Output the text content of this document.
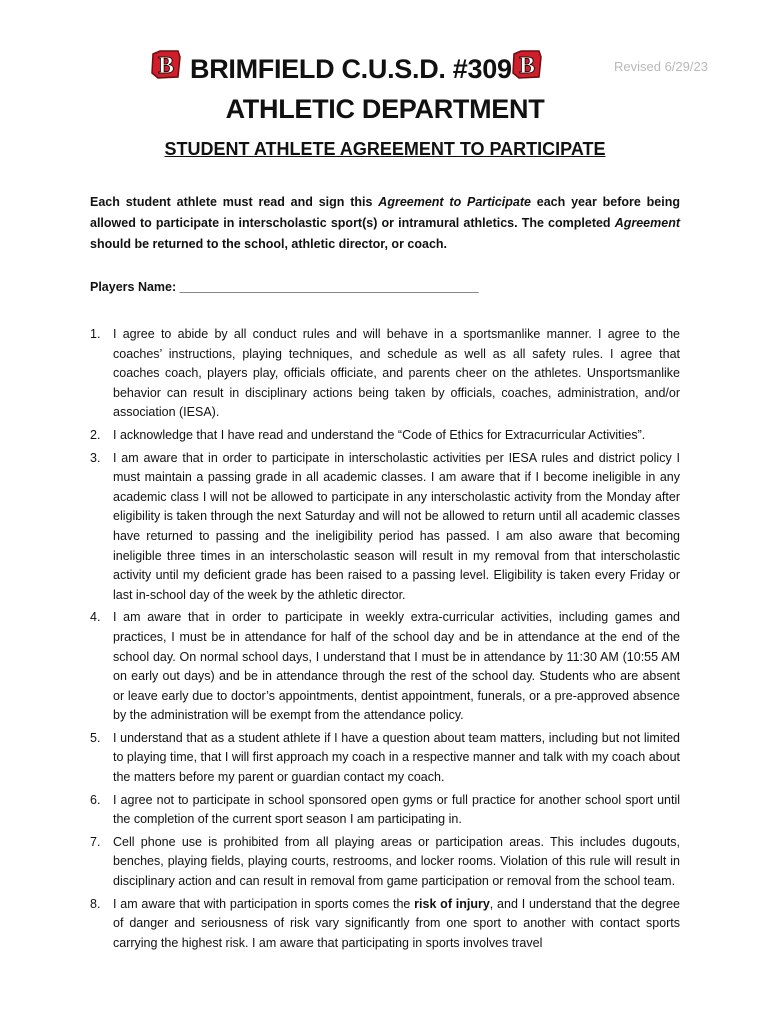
B BRIMFIELD C.U.S.D. #309 B	Revised 6/29/23
ATHLETIC DEPARTMENT
STUDENT ATHLETE AGREEMENT TO PARTICIPATE
Each student athlete must read and sign this Agreement to Participate each year before being allowed to participate in interscholastic sport(s) or intramural athletics. The completed Agreement should be returned to the school, athletic director, or coach.
Players Name: ___________________________________________
1. I agree to abide by all conduct rules and will behave in a sportsmanlike manner. I agree to the coaches’ instructions, playing techniques, and schedule as well as all safety rules. I agree that coaches coach, players play, officials officiate, and parents cheer on the athletes. Unsportsmanlike behavior can result in disciplinary actions being taken by officials, coaches, administration, and/or association (IESA).
2. I acknowledge that I have read and understand the “Code of Ethics for Extracurricular Activities”.
3. I am aware that in order to participate in interscholastic activities per IESA rules and district policy I must maintain a passing grade in all academic classes. I am aware that if I become ineligible in any academic class I will not be allowed to participate in any interscholastic activity from the Monday after eligibility is taken through the next Saturday and will not be allowed to return until all academic classes have returned to passing and the ineligibility period has passed. I am also aware that becoming ineligible three times in an interscholastic season will result in my removal from that interscholastic activity until my deficient grade has been raised to a passing level. Eligibility is taken every Friday or last in-school day of the week by the athletic director.
4. I am aware that in order to participate in weekly extra-curricular activities, including games and practices, I must be in attendance for half of the school day and be in attendance at the end of the school day. On normal school days, I understand that I must be in attendance by 11:30 AM (10:55 AM on early out days) and be in attendance through the rest of the school day. Students who are absent or leave early due to doctor’s appointments, dentist appointment, funerals, or a pre-approved absence by the administration will be exempt from the attendance policy.
5. I understand that as a student athlete if I have a question about team matters, including but not limited to playing time, that I will first approach my coach in a respective manner and talk with my coach about the matters before my parent or guardian contact my coach.
6. I agree not to participate in school sponsored open gyms or full practice for another school sport until the completion of the current sport season I am participating in.
7. Cell phone use is prohibited from all playing areas or participation areas. This includes dugouts, benches, playing fields, playing courts, restrooms, and locker rooms. Violation of this rule will result in disciplinary action and can result in removal from game participation or removal from the school team.
8. I am aware that with participation in sports comes the risk of injury, and I understand that the degree of danger and seriousness of risk vary significantly from one sport to another with contact sports carrying the highest risk. I am aware that participating in sports involves travel
